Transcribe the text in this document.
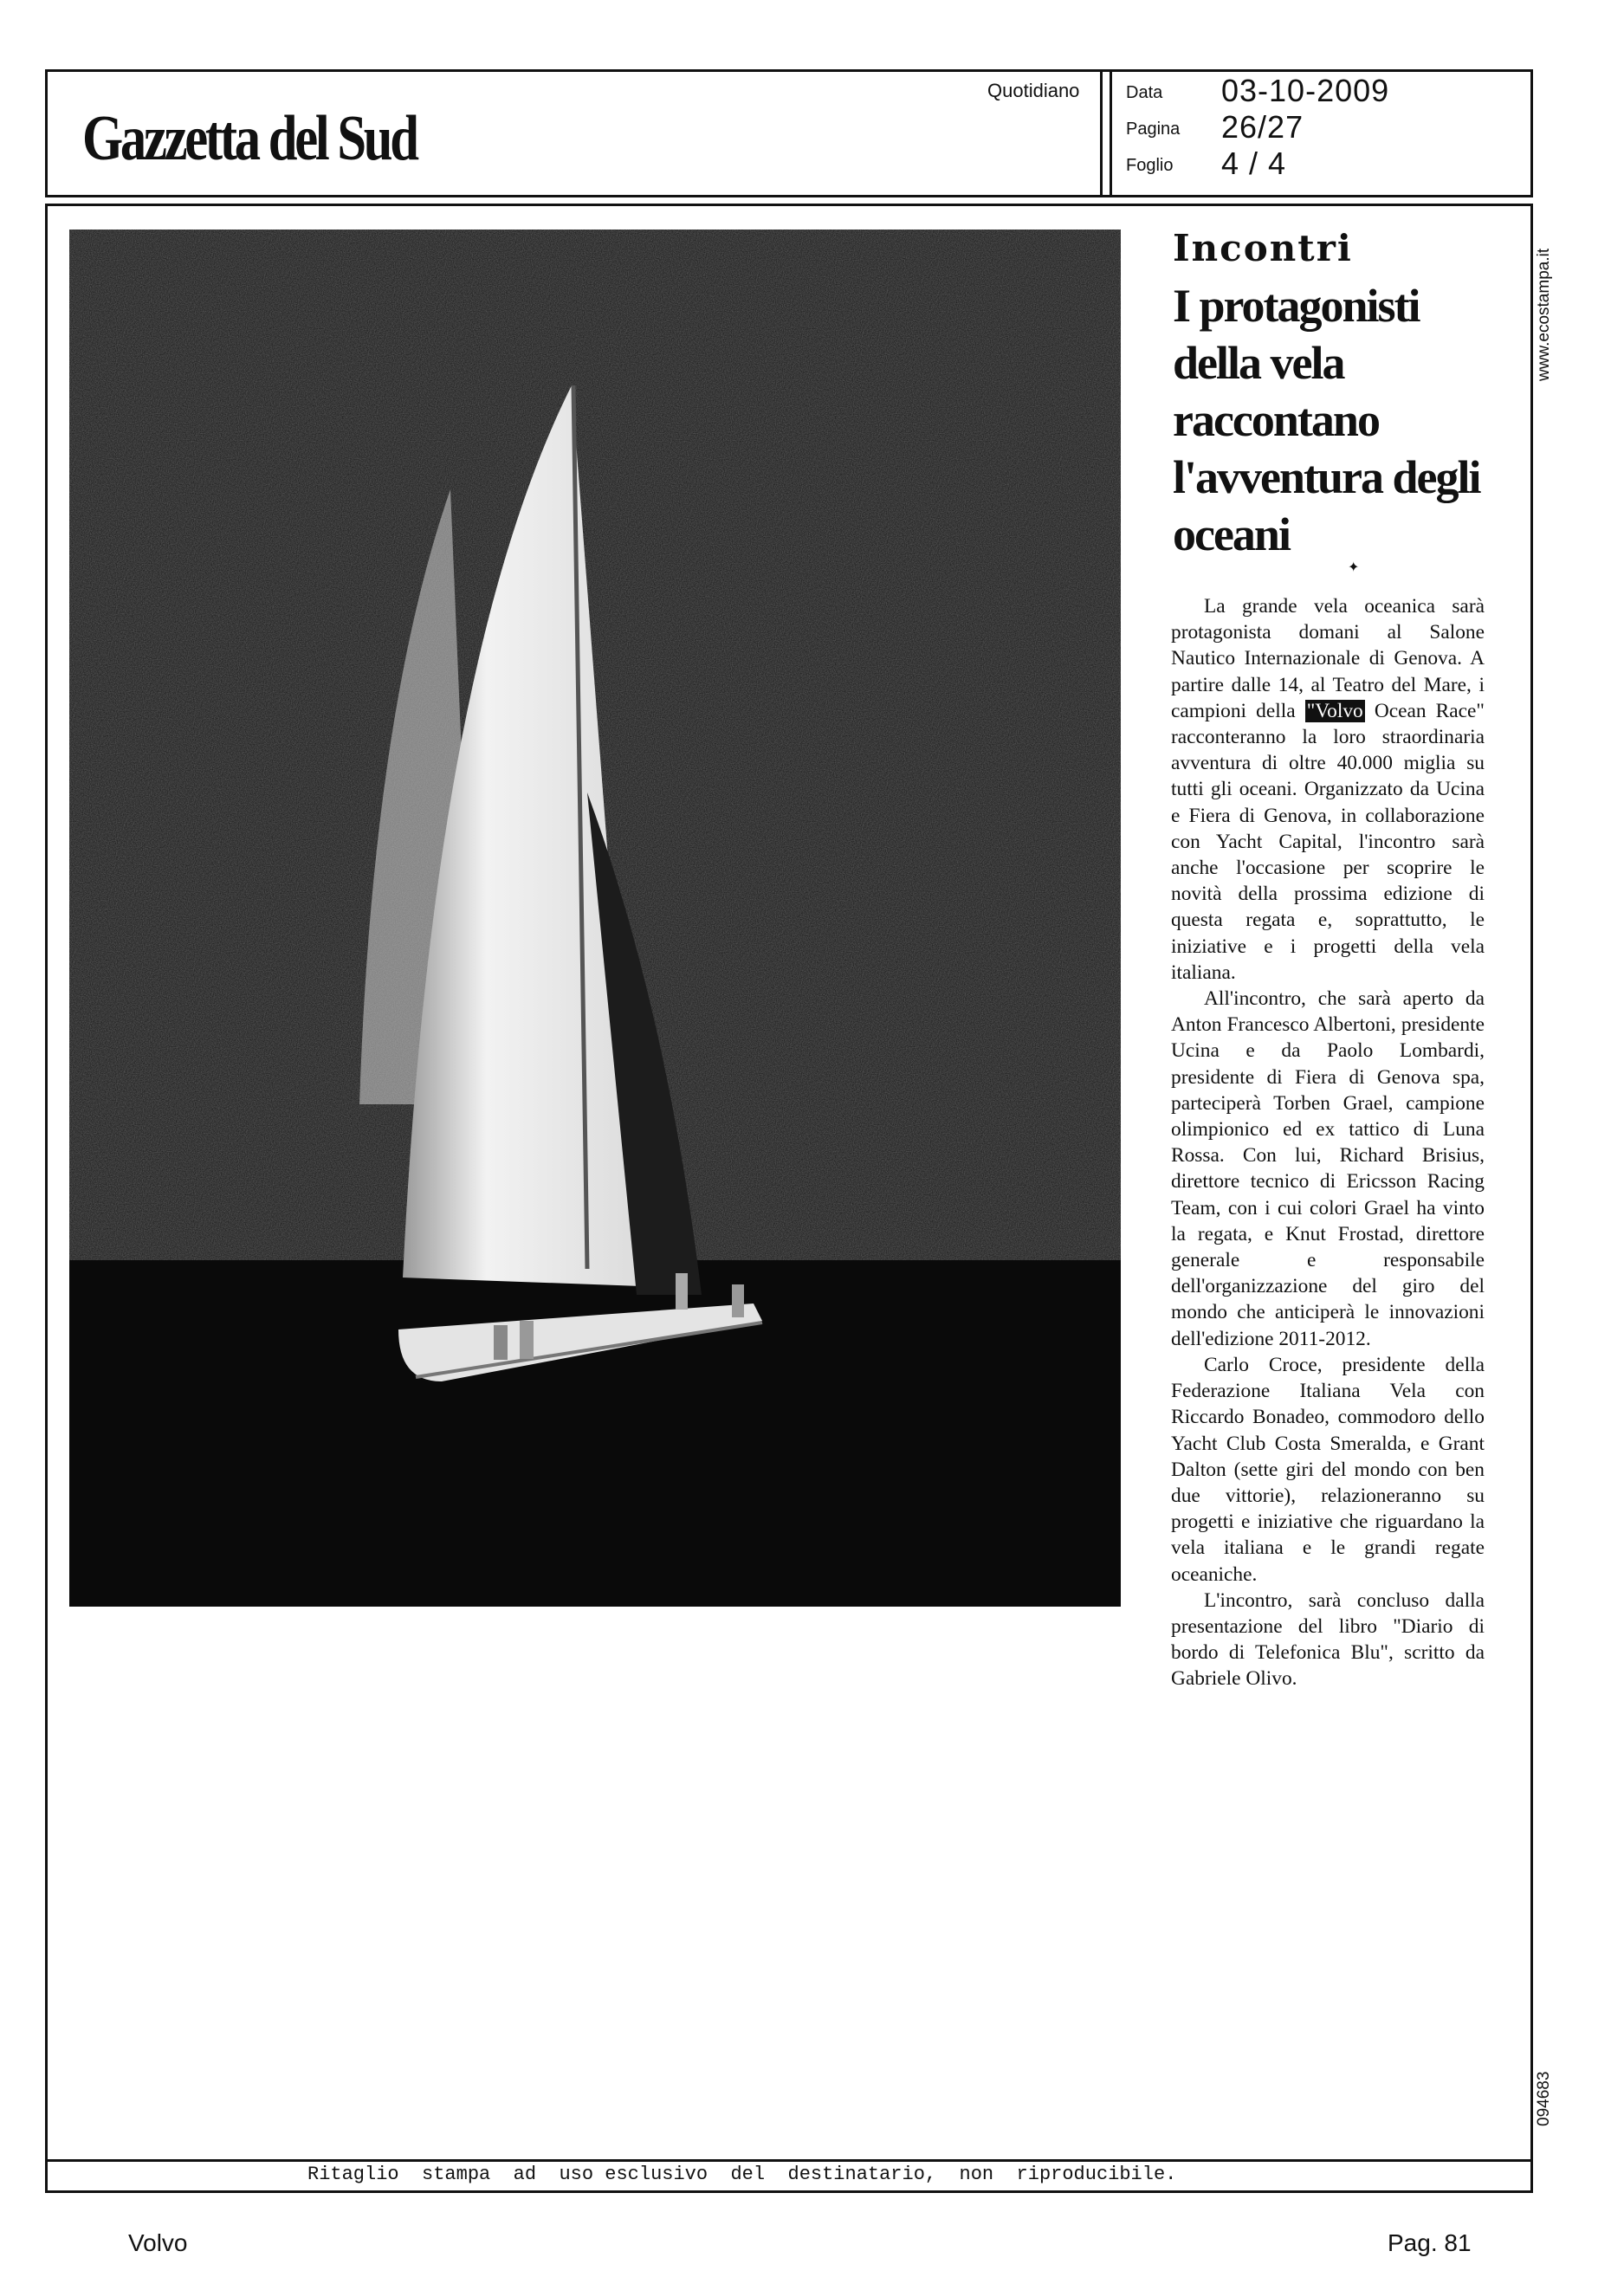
Gazzetta del Sud
Quotidiano	Data 03-10-2009
Pagina 26/27
Foglio 4 / 4
Incontri
I protagonisti della vela raccontano l'avventura degli oceani
✦

La grande vela oceanica sarà protagonista domani al Salone Nautico Internazionale di Genova. A partire dalle 14, al Teatro del Mare, i campioni della "Volvo Ocean Race" racconteranno la loro straordinaria avventura di oltre 40.000 miglia su tutti gli oceani. Organizzato da Ucina e Fiera di Genova, in collaborazione con Yacht Capital, l'incontro sarà anche l'occasione per scoprire le novità della prossima edizione di questa regata e, soprattutto, le iniziative e i progetti della vela italiana.

All'incontro, che sarà aperto da Anton Francesco Albertoni, presidente Ucina e da Paolo Lombardi, presidente di Fiera di Genova spa, parteciperà Torben Grael, campione olimpionico ed ex tattico di Luna Rossa. Con lui, Richard Brisius, direttore tecnico di Ericsson Racing Team, con i cui colori Grael ha vinto la regata, e Knut Frostad, direttore generale e responsabile dell'organizzazione del giro del mondo che anticiperà le innovazioni dell'edizione 2011-2012.

Carlo Croce, presidente della Federazione Italiana Vela con Riccardo Bonadeo, commodoro dello Yacht Club Costa Smeralda, e Grant Dalton (sette giri del mondo con ben due vittorie), relazioneranno su progetti e iniziative che riguardano la vela italiana e le grandi regate oceaniche.

L'incontro, sarà concluso dalla presentazione del libro "Diario di bordo di Telefonica Blu", scritto da Gabriele Olivo.

www.ecostampa.it
094683
Ritaglio  stampa  ad  uso esclusivo  del  destinatario,  non  riproducibile.
Volvo	Pag. 81
